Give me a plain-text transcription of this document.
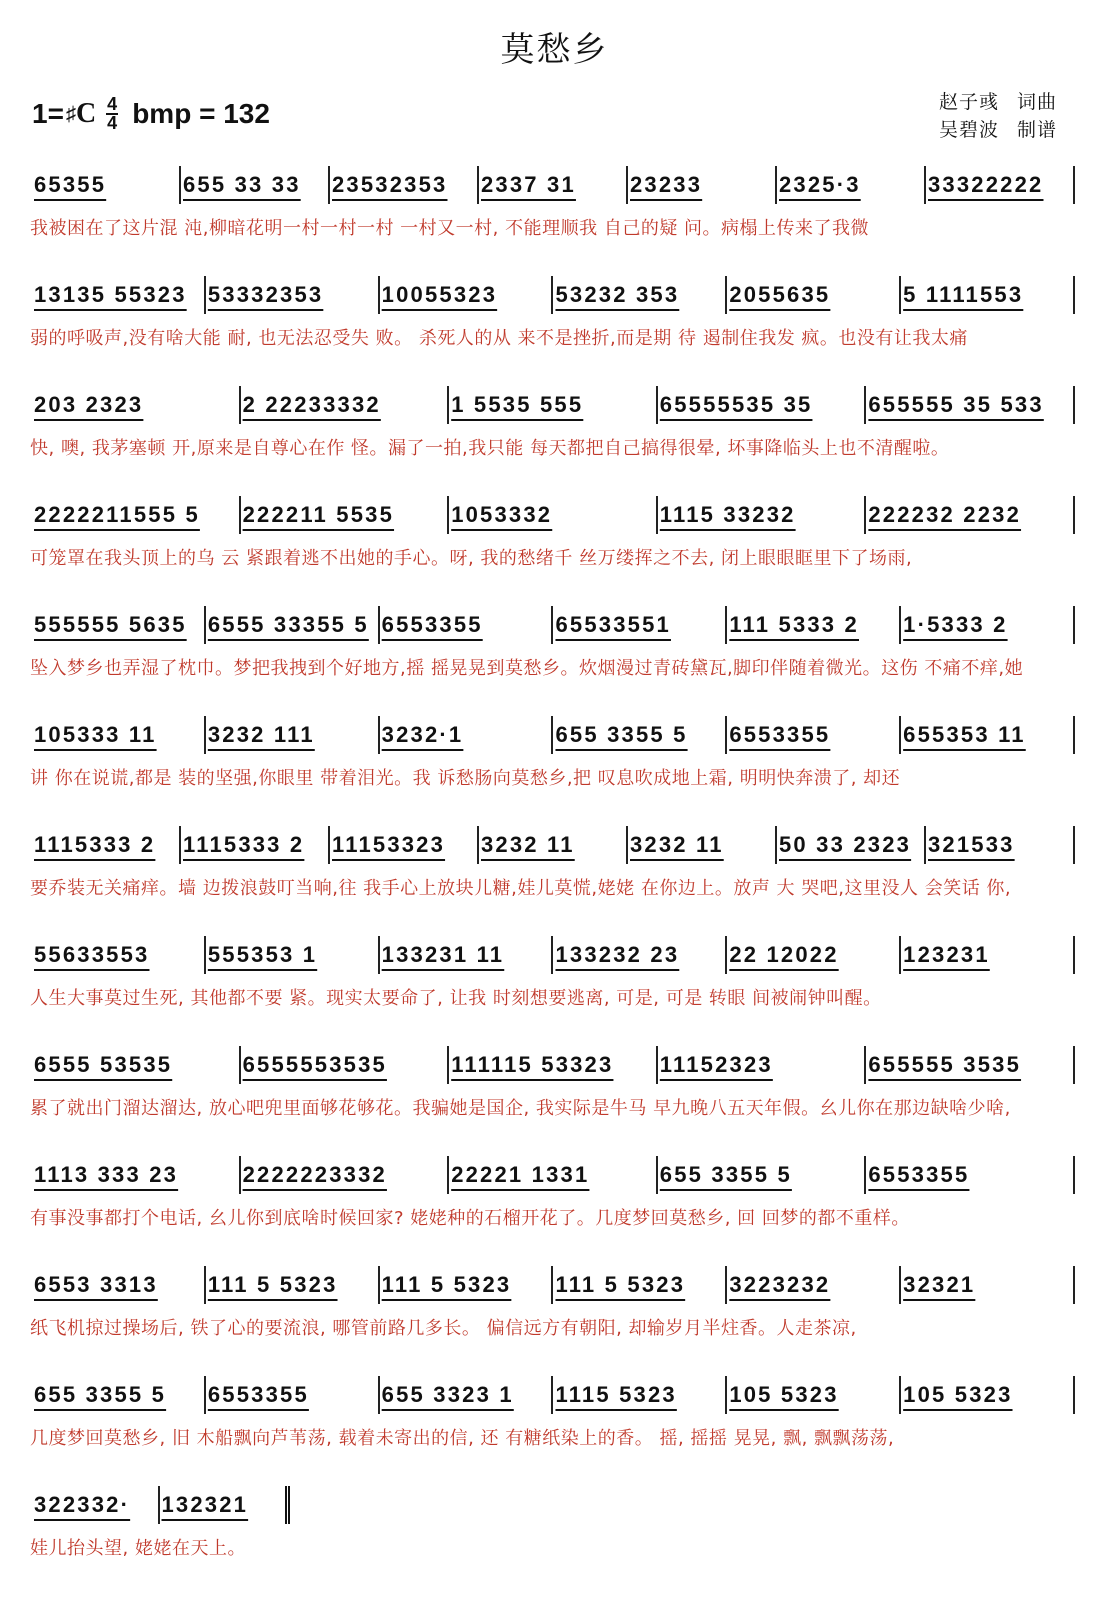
莫愁乡
1= ♯ C 4
4 bmp = 132	赵子彧 词曲
吴碧波 制谱
65355	655 33 33	23532353	2337 31	23233	2325·3	33322222
我被困在了这片混 沌,柳暗花明一村一村一村 一村又一村, 不能理顺我 自己的疑 问。病榻上传来了我微
13135 55323 53332353	10055323	53232 353	2055635	5 1111553
弱的呼吸声,没有啥大能 耐, 也无法忍受失 败。 杀死人的从 来不是挫折,而是期 待 遏制住我发 疯。也没有让我太痛
203 2323	2 22233332	1 5535 555	65555535 35	655555 35 533
快, 噢, 我茅塞顿 开,原来是自尊心在作 怪。漏了一拍,我只能 每天都把自己搞得很晕, 坏事降临头上也不清醒啦。
2222211555 5	222211 5535	1053332	1115 33232	222232 2232
可笼罩在我头顶上的乌 云 紧跟着逃不出她的手心。呀, 我的愁绪千 丝万缕挥之不去, 闭上眼眼眶里下了场雨,
555555 5635 6555 33355 5 6553355	65533551	111 5333 2	1·5333 2
坠入梦乡也弄湿了枕巾。梦把我拽到个好地方,摇 摇晃晃到莫愁乡。炊烟漫过青砖黛瓦,脚印伴随着微光。这伤 不痛不痒,她
105333 11	3232 111	3232·1	655 3355 5	6553355	655353 11
讲 你在说谎,都是 装的坚强,你眼里 带着泪光。我 诉愁肠向莫愁乡,把 叹息吹成地上霜, 明明快奔溃了, 却还
1115333 2	1115333 2	11153323	3232 11	3232 11	50 33 2323 321533
要乔装无关痛痒。墙 边拨浪鼓叮当响,往 我手心上放块儿糖,娃儿莫慌,姥姥 在你边上。放声 大 哭吧,这里没人 会笑话 你,
55633553	555353 1	133231 11	133232 23	22 12022	123231
人生大事莫过生死, 其他都不要 紧。现实太要命了, 让我 时刻想要逃离, 可是, 可是 转眼 间被闹钟叫醒。
6555 53535	6555553535	111115 53323	11152323	655555 3535
累了就出门溜达溜达, 放心吧兜里面够花够花。我骗她是国企, 我实际是牛马 早九晚八五天年假。幺儿你在那边缺啥少啥,
1113 333 23	2222223332	22221 1331	655 3355 5	6553355
有事没事都打个电话, 幺儿你到底啥时候回家? 姥姥种的石榴开花了。几度梦回莫愁乡, 回 回梦的都不重样。
6553 3313	111 5 5323	111 5 5323	111 5 5323	3223232	32321
纸飞机掠过操场后, 铁了心的要流浪, 哪管前路几多长。 偏信远方有朝阳, 却输岁月半炷香。人走茶凉,
655 3355 5	6553355	655 3323 1	1115 5323	105 5323	105 5323
几度梦回莫愁乡, 旧 木船飘向芦苇荡, 载着未寄出的信, 还 有糖纸染上的香。 摇, 摇摇 晃晃, 飘, 飘飘荡荡,
322332·	132321
娃儿抬头望, 姥姥在天上。
